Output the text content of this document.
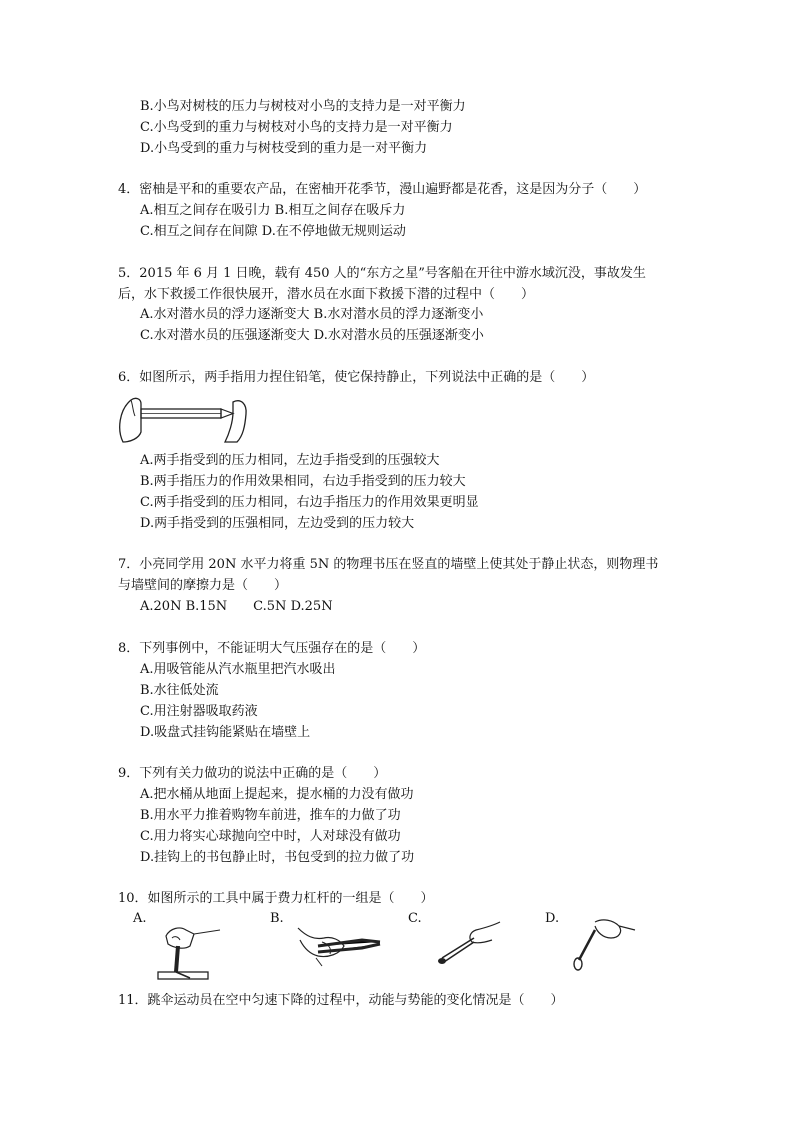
B.小鸟对树枝的压力与树枝对小鸟的支持力是一对平衡力
C.小鸟受到的重力与树枝对小鸟的支持力是一对平衡力
D.小鸟受到的重力与树枝受到的重力是一对平衡力
4．密柚是平和的重要农产品，在密柚开花季节，漫山遍野都是花香，这是因为分子（　　）
A.相互之间存在吸引力 B.相互之间存在吸斥力
C.相互之间存在间隙 D.在不停地做无规则运动
5．2015 年 6 月 1 日晚，载有 450 人的“东方之星”号客船在开往中游水域沉没，事故发生
后，水下救援工作很快展开，潜水员在水面下救援下潜的过程中（　　）
A.水对潜水员的浮力逐渐变大 B.水对潜水员的浮力逐渐变小
C.水对潜水员的压强逐渐变大 D.水对潜水员的压强逐渐变小
6．如图所示，两手指用力捏住铅笔，使它保持静止，下列说法中正确的是（　　）
A.两手指受到的压力相同，左边手指受到的压强较大
B.两手指压力的作用效果相同，右边手指受到的压力较大
C.两手指受到的压力相同，右边手指压力的作用效果更明显
D.两手指受到的压强相同，左边受到的压力较大
7．小亮同学用 20N 水平力将重 5N 的物理书压在竖直的墙壁上使其处于静止状态，则物理书
与墙壁间的摩擦力是（　　）
A.20N B.15N　　C.5N D.25N
8．下列事例中，不能证明大气压强存在的是（　　）
A.用吸管能从汽水瓶里把汽水吸出
B.水往低处流
C.用注射器吸取药液
D.吸盘式挂钩能紧贴在墙壁上
9．下列有关力做功的说法中正确的是（　　）
A.把水桶从地面上提起来，提水桶的力没有做功
B.用水平力推着购物车前进，推车的力做了功
C.用力将实心球抛向空中时，人对球没有做功
D.挂钩上的书包静止时，书包受到的拉力做了功
10．如图所示的工具中属于费力杠杆的一组是（　　）
A.	B.	C.	D.
11．跳伞运动员在空中匀速下降的过程中，动能与势能的变化情况是（　　）
